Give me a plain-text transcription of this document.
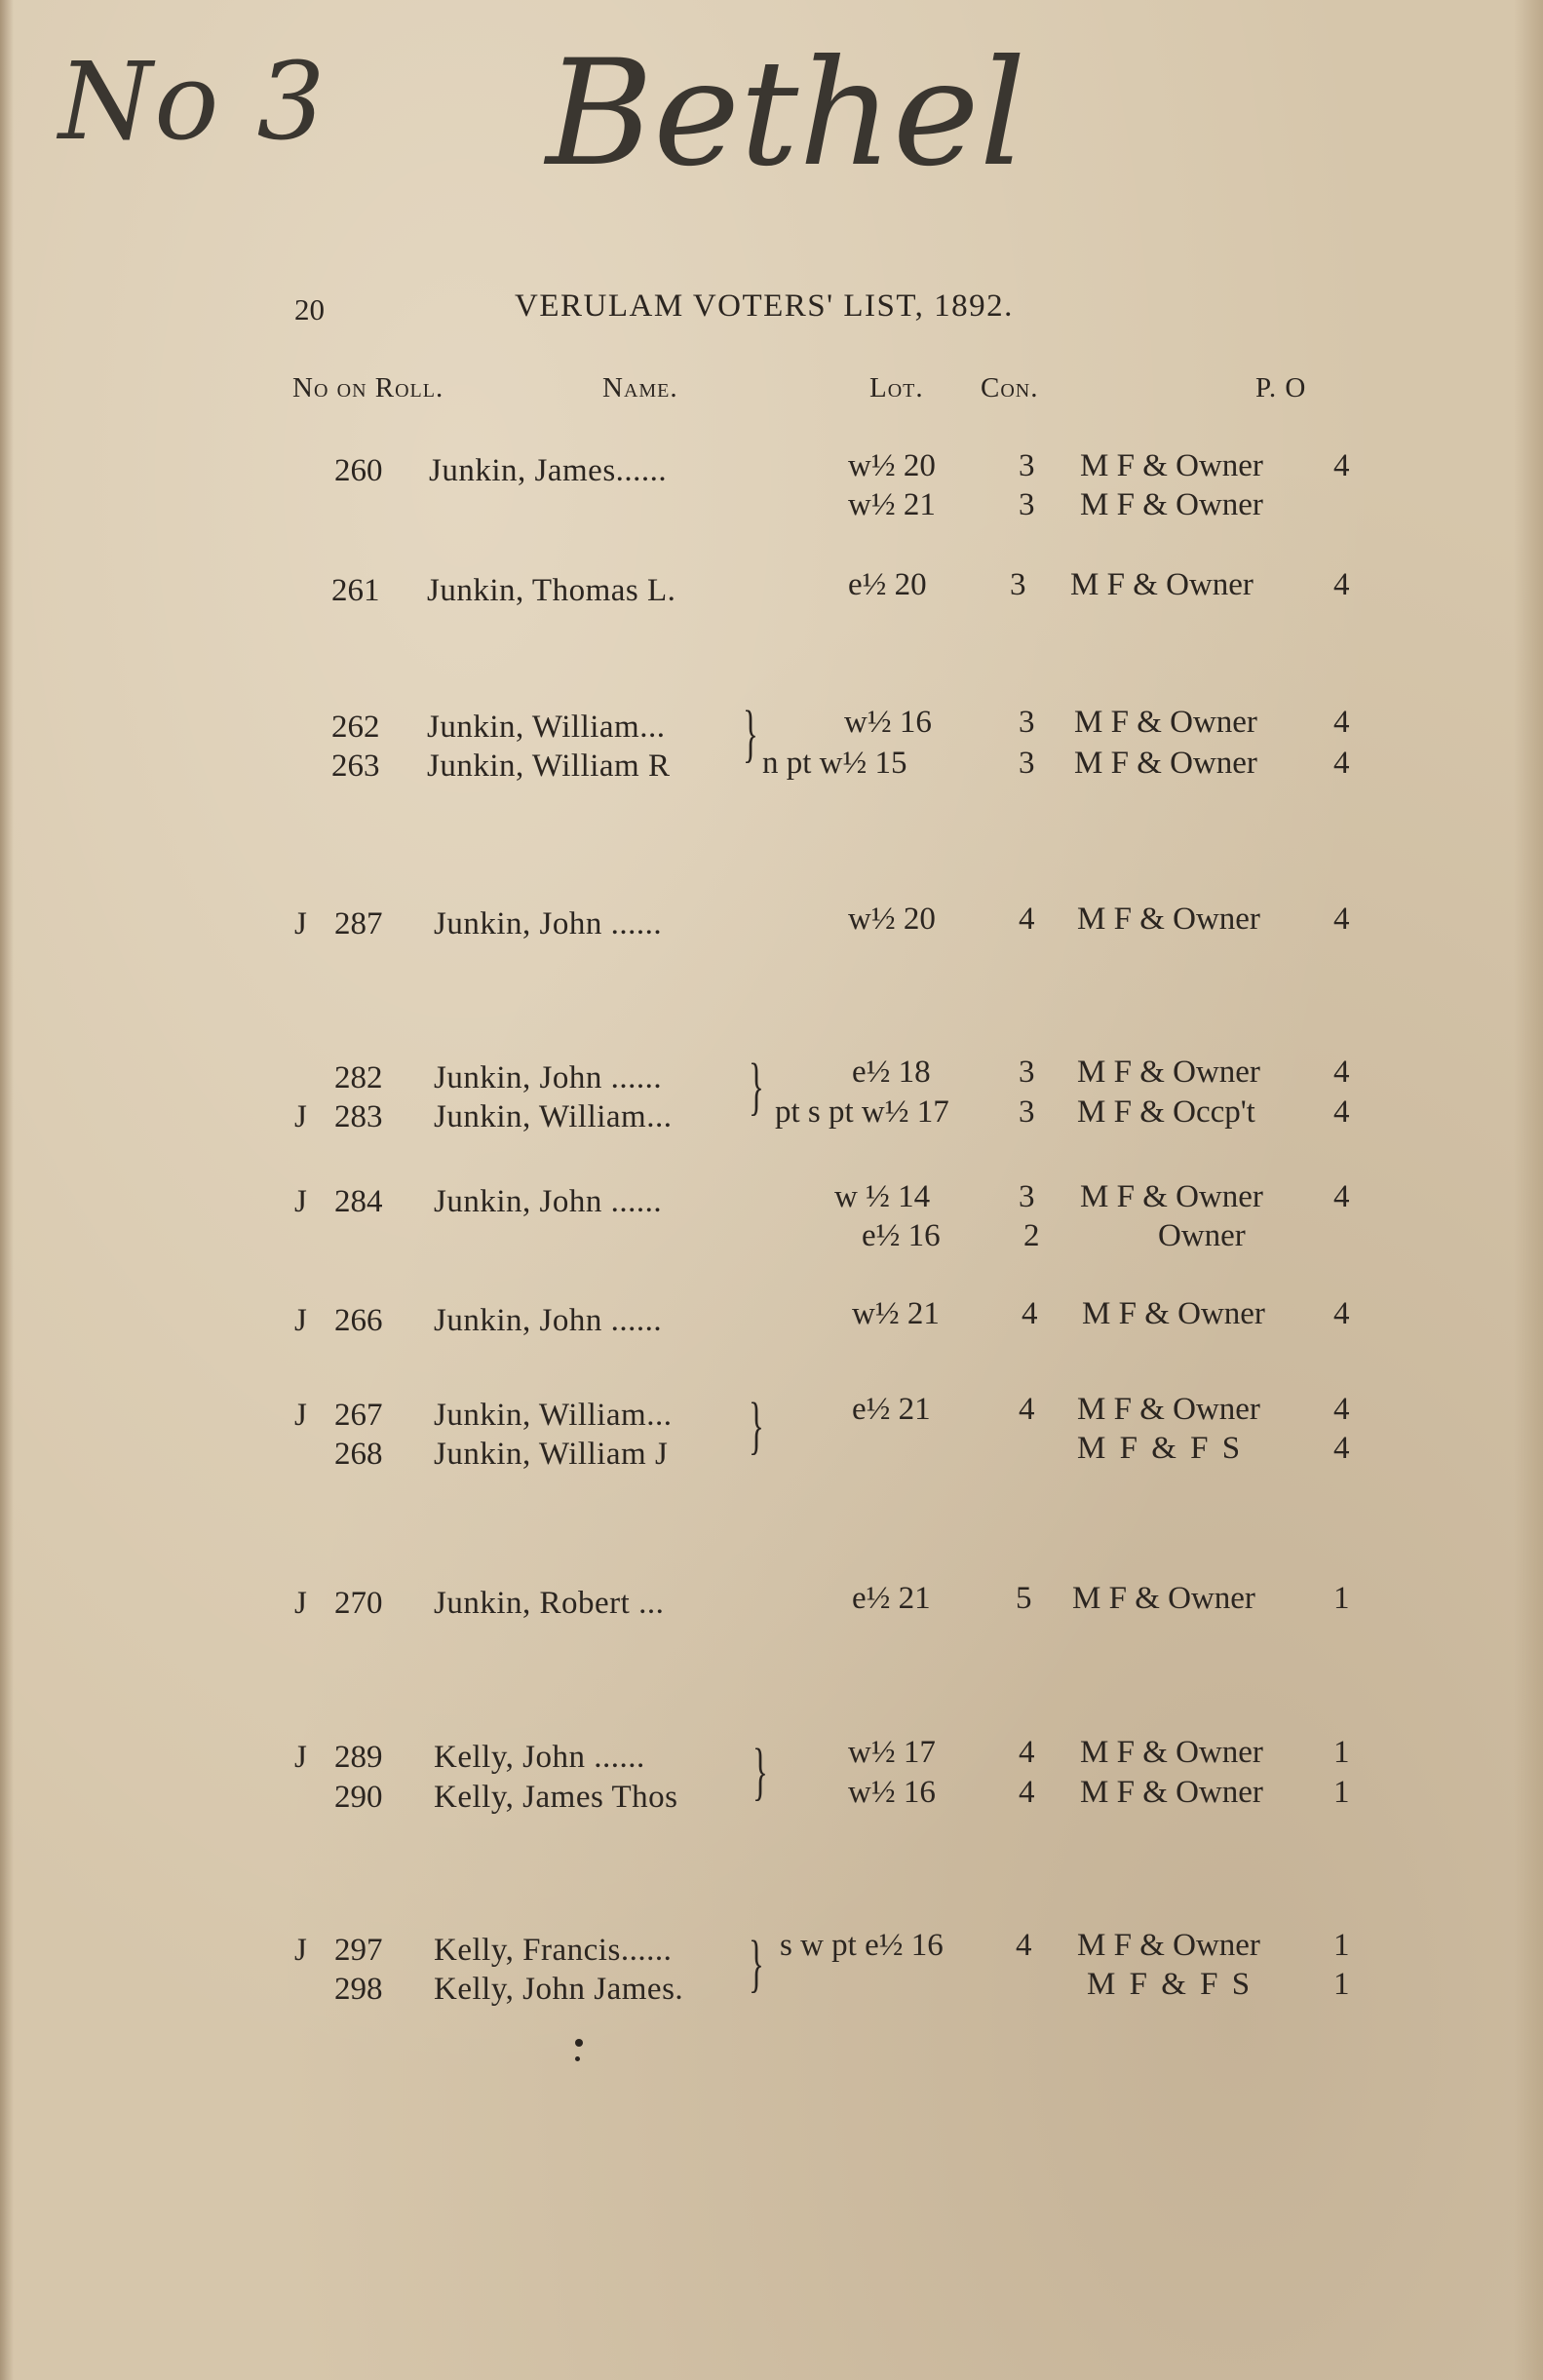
No 3 Bethel
20	VERULAM VOTERS' LIST, 1892.
No on Roll.	Name.	Lot. Con.	P. O
260 Junkin, James......	w½ 20	3 M F & Owner 4
w½ 21	3 M F & Owner
261 Junkin, Thomas L.	e½ 20	3 M F & Owner 4
262 Junkin, William...	w½ 16	3 M F & Owner 4
}
263 Junkin, William R	n pt w½ 15	3 M F & Owner 4
J 287 Junkin, John ......	w½ 20	4 M F & Owner 4
282 Junkin, John ......	e½ 18	3 M F & Owner 4
}
J 283 Junkin, William...	pt s pt w½ 17 3 M F & Occp't 4
J 284 Junkin, John ......	w ½ 14	3 M F & Owner 4
e½ 16	2	Owner
J 266 Junkin, John ......	w½ 21	4 M F & Owner 4
J 267 Junkin, William...	e½ 21	4 M F & Owner 4
}
268 Junkin, William J	M F & F S	4
J 270 Junkin, Robert ...	e½ 21	5 M F & Owner 1
J 289 Kelly, John ......	w½ 17	4 M F & Owner 1
}
290 Kelly, James Thos	w½ 16	4 M F & Owner 1
J 297 Kelly, Francis......	s w pt e½ 16 4 M F & Owner 1
}
298 Kelly, John James.	M F & F S	1
